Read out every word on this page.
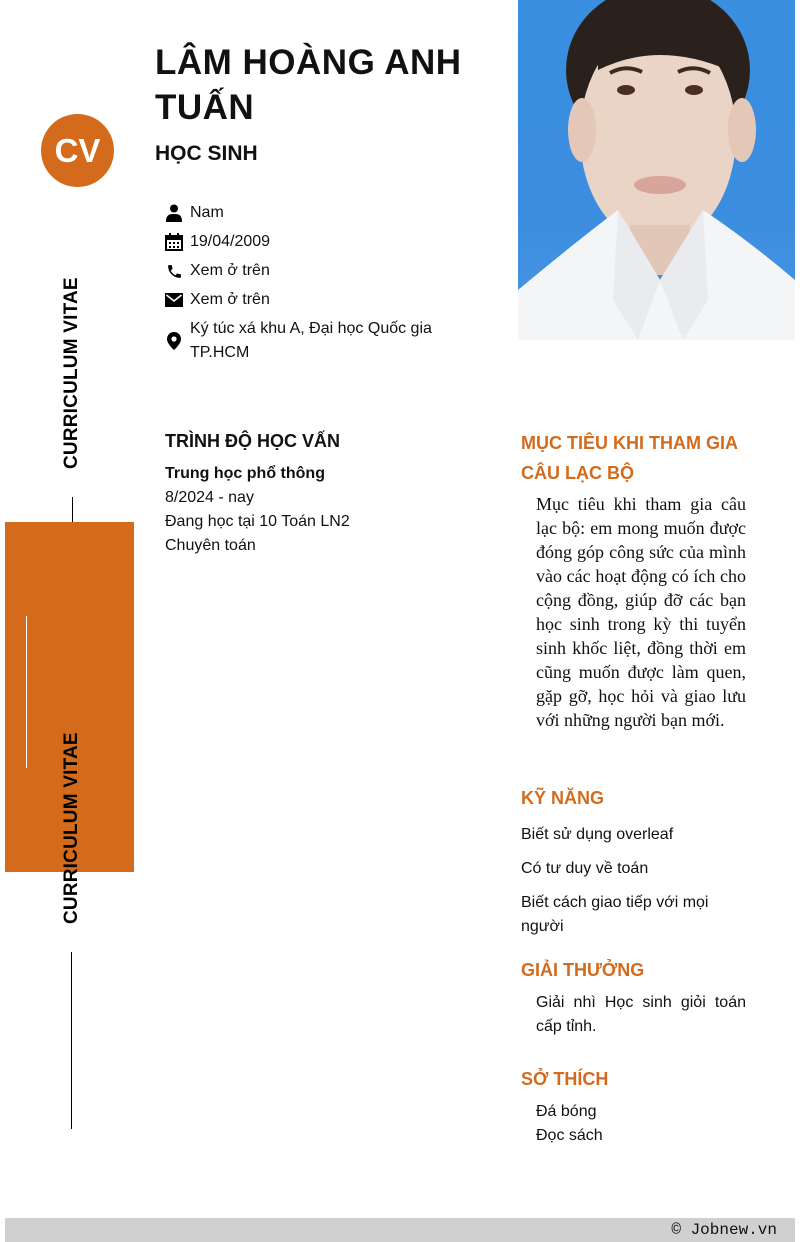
CV
CURRICULUM VITAE
CURRICULUM VITAE
LÂM HOÀNG ANH TUẤN
HỌC SINH
Nam
19/04/2009
Xem ở trên
Xem ở trên
Ký túc xá khu A, Đại học Quốc gia TP.HCM
TRÌNH ĐỘ HỌC VẤN
Trung học phổ thông
8/2024 - nay
Đang học tại 10 Toán LN2
Chuyên toán
MỤC TIÊU KHI THAM GIA CÂU LẠC BỘ
Mục tiêu khi tham gia câu lạc bộ: em mong muốn được đóng góp công sức của mình vào các hoạt động có ích cho cộng đồng, giúp đỡ các bạn học sinh trong kỳ thi tuyển sinh khốc liệt, đồng thời em cũng muốn được làm quen, gặp gỡ, học hỏi và giao lưu với những người bạn mới.
KỸ NĂNG
Biết sử dụng overleaf
Có tư duy về toán
Biết cách giao tiếp với mọi người
GIẢI THƯỞNG
Giải nhì Học sinh giỏi toán cấp tỉnh.
SỞ THÍCH
Đá bóng
Đọc sách
© Jobnew.vn
